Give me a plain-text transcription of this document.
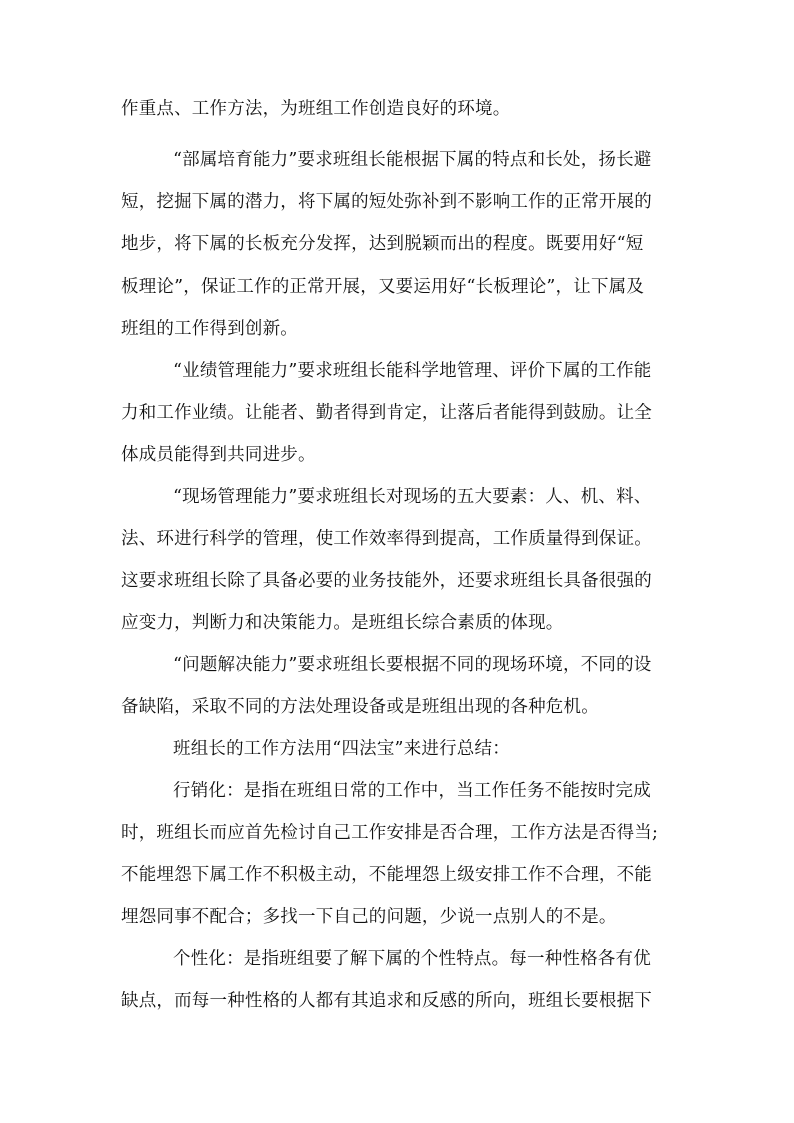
作重点、工作方法，为班组工作创造良好的环境。
“部属培育能力”要求班组长能根据下属的特点和长处，扬长避
短，挖掘下属的潜力，将下属的短处弥补到不影响工作的正常开展的
地步，将下属的长板充分发挥，达到脱颖而出的程度。既要用好“短
板理论”，保证工作的正常开展，又要运用好“长板理论”，让下属及
班组的工作得到创新。
“业绩管理能力”要求班组长能科学地管理、评价下属的工作能
力和工作业绩。让能者、勤者得到肯定，让落后者能得到鼓励。让全
体成员能得到共同进步。
“现场管理能力”要求班组长对现场的五大要素：人、机、料、
法、环进行科学的管理，使工作效率得到提高，工作质量得到保证。
这要求班组长除了具备必要的业务技能外，还要求班组长具备很强的
应变力，判断力和决策能力。是班组长综合素质的体现。
“问题解决能力”要求班组长要根据不同的现场环境，不同的设
备缺陷，采取不同的方法处理设备或是班组出现的各种危机。
班组长的工作方法用“四法宝”来进行总结：
行销化：是指在班组日常的工作中，当工作任务不能按时完成
时，班组长而应首先检讨自己工作安排是否合理，工作方法是否得当;
不能埋怨下属工作不积极主动，不能埋怨上级安排工作不合理，不能
埋怨同事不配合；多找一下自己的问题，少说一点别人的不是。
个性化：是指班组要了解下属的个性特点。每一种性格各有优
缺点，而每一种性格的人都有其追求和反感的所向，班组长要根据下
